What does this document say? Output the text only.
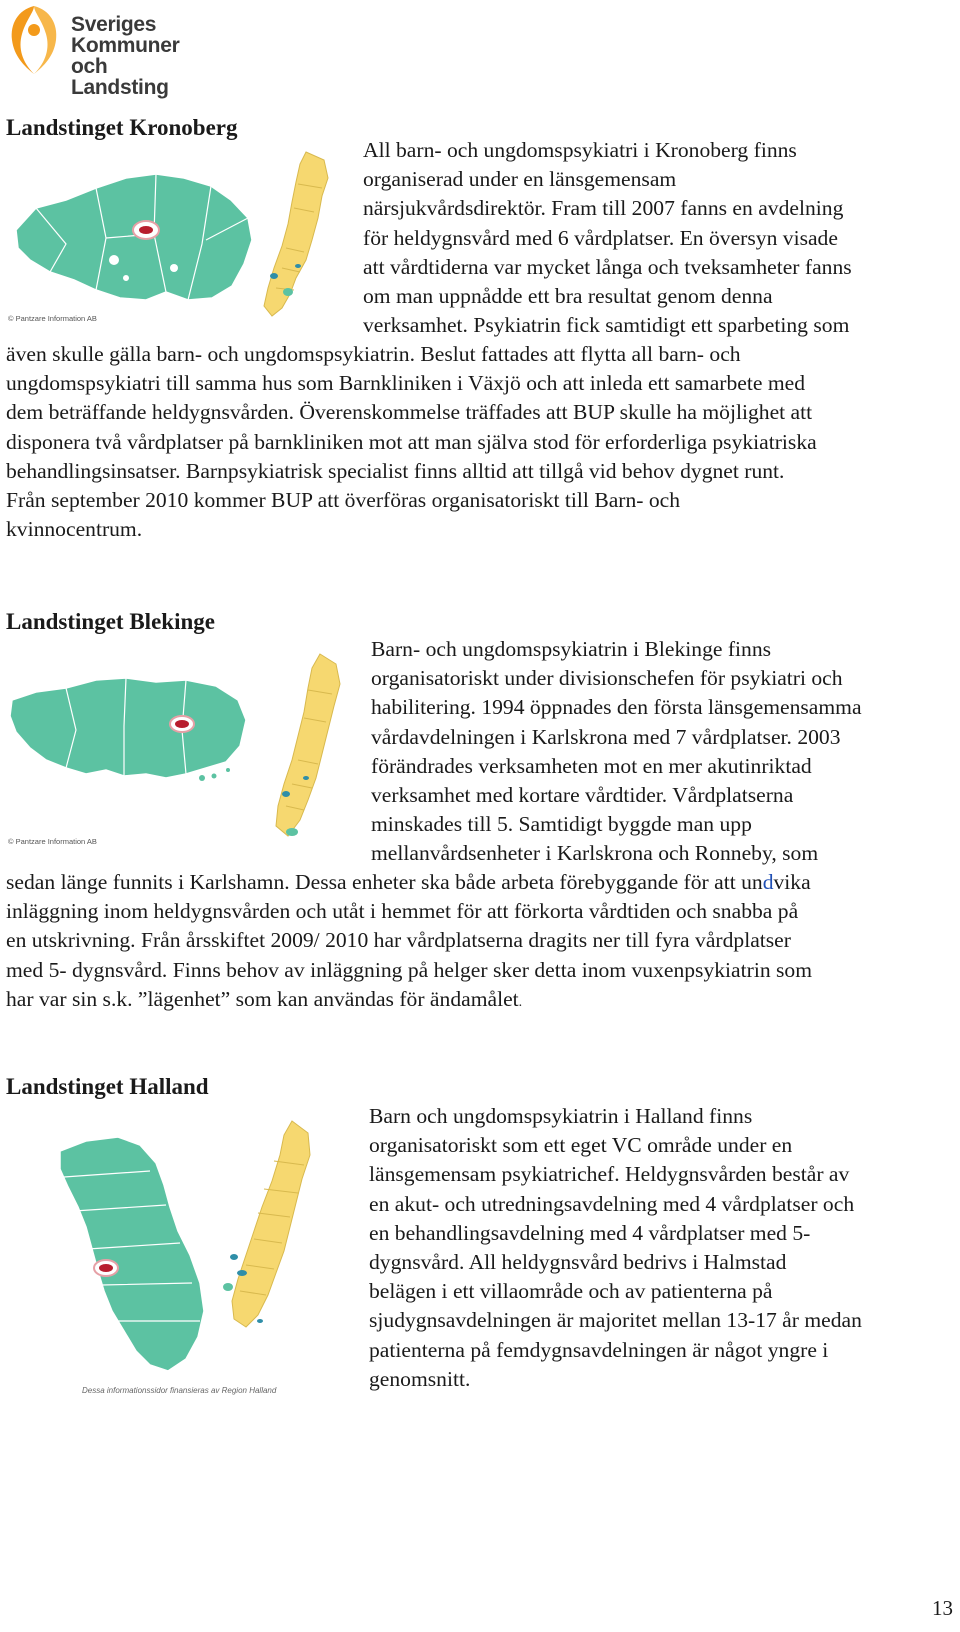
Sveriges
Kommuner
och Landsting
Landstinget Kronoberg
© Pantzare Information AB
All barn- och ungdomspsykiatri i Kronoberg finns
organiserad under en länsgemensam
närsjukvårdsdirektör. Fram till 2007 fanns en avdelning
för heldygnsvård med 6 vårdplatser. En översyn visade
att vårdtiderna var mycket långa och tveksamheter fanns
om man uppnådde ett bra resultat genom denna
verksamhet. Psykiatrin fick samtidigt ett sparbeting som
även skulle gälla barn- och ungdomspsykiatrin. Beslut fattades att flytta all barn- och
ungdomspsykiatri till samma hus som Barnkliniken i Växjö och att inleda ett samarbete med
dem beträffande heldygnsvården. Överenskommelse träffades att BUP skulle ha möjlighet att
disponera två vårdplatser på barnkliniken mot att man själva stod för erforderliga psykiatriska
behandlingsinsatser. Barnpsykiatrisk specialist finns alltid att tillgå vid behov dygnet runt.
Från september 2010 kommer BUP att överföras organisatoriskt till Barn- och
kvinnocentrum.
Landstinget Blekinge
© Pantzare Information AB
Barn- och ungdomspsykiatrin i Blekinge finns
organisatoriskt under divisionschefen för psykiatri och
habilitering. 1994 öppnades den första länsgemensamma
vårdavdelningen i Karlskrona med 7 vårdplatser. 2003
förändrades verksamheten mot en mer akutinriktad
verksamhet med kortare vårdtider. Vårdplatserna
minskades till 5. Samtidigt byggde man upp
mellanvårdsenheter i Karlskrona och Ronneby, som
sedan länge funnits i Karlshamn. Dessa enheter ska både arbeta förebyggande för att undvika
inläggning inom heldygnsvården och utåt i hemmet för att förkorta vårdtiden och snabba på
en utskrivning. Från årsskiftet 2009/ 2010 har vårdplatserna dragits ner till fyra vårdplatser
med 5- dygnsvård. Finns behov av inläggning på helger sker detta inom vuxenpsykiatrin som
har var sin s.k. ”lägenhet” som kan användas för ändamålet.
Landstinget Halland
Dessa informationssidor finansieras av Region Halland
Barn och ungdomspsykiatrin i Halland finns
organisatoriskt som ett eget VC område under en
länsgemensam psykiatrichef. Heldygnsvården består av
en akut- och utredningsavdelning med 4 vårdplatser och
en behandlingsavdelning med 4 vårdplatser med 5-
dygnsvård. All heldygnsvård bedrivs i Halmstad
belägen i ett villaområde och av patienterna på
sjudygnsavdelningen är majoritet mellan 13-17 år medan
patienterna på femdygnsavdelningen är något yngre i
genomsnitt.
13
